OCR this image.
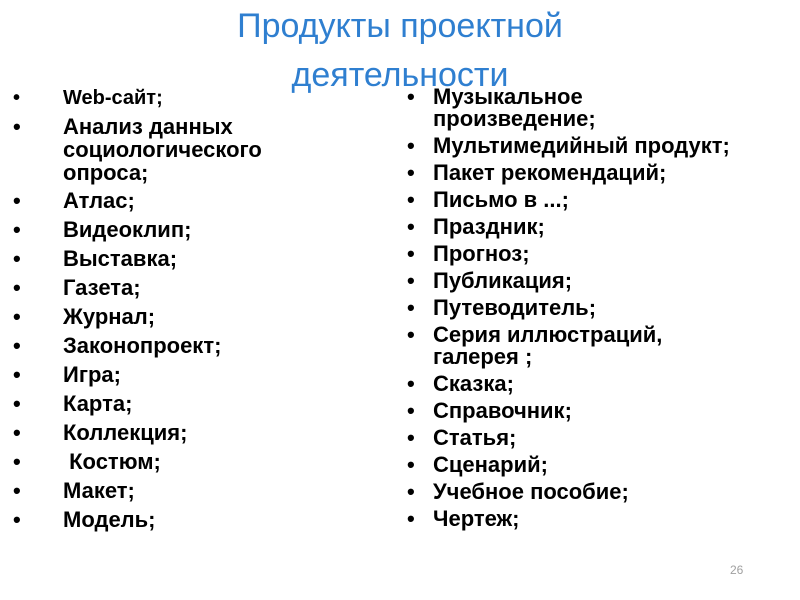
Продукты проектной
деятельности
• Web-сайт;
• Анализ данных социологического опроса;
• Атлас;
• Видеоклип;
• Выставка;
• Газета;
• Журнал;
• Законопроект;
• Игра;
• Карта;
• Коллекция;
•  Костюм;
• Макет;
• Модель;
• Музыкальное произведение;
• Мультимедийный продукт;
• Пакет рекомендаций;
• Письмо в ...;
• Праздник;
• Прогноз;
• Публикация;
• Путеводитель;
• Серия иллюстраций, галерея ;
• Сказка;
• Справочник;
• Статья;
• Сценарий;
• Учебное пособие;
• Чертеж;
26
